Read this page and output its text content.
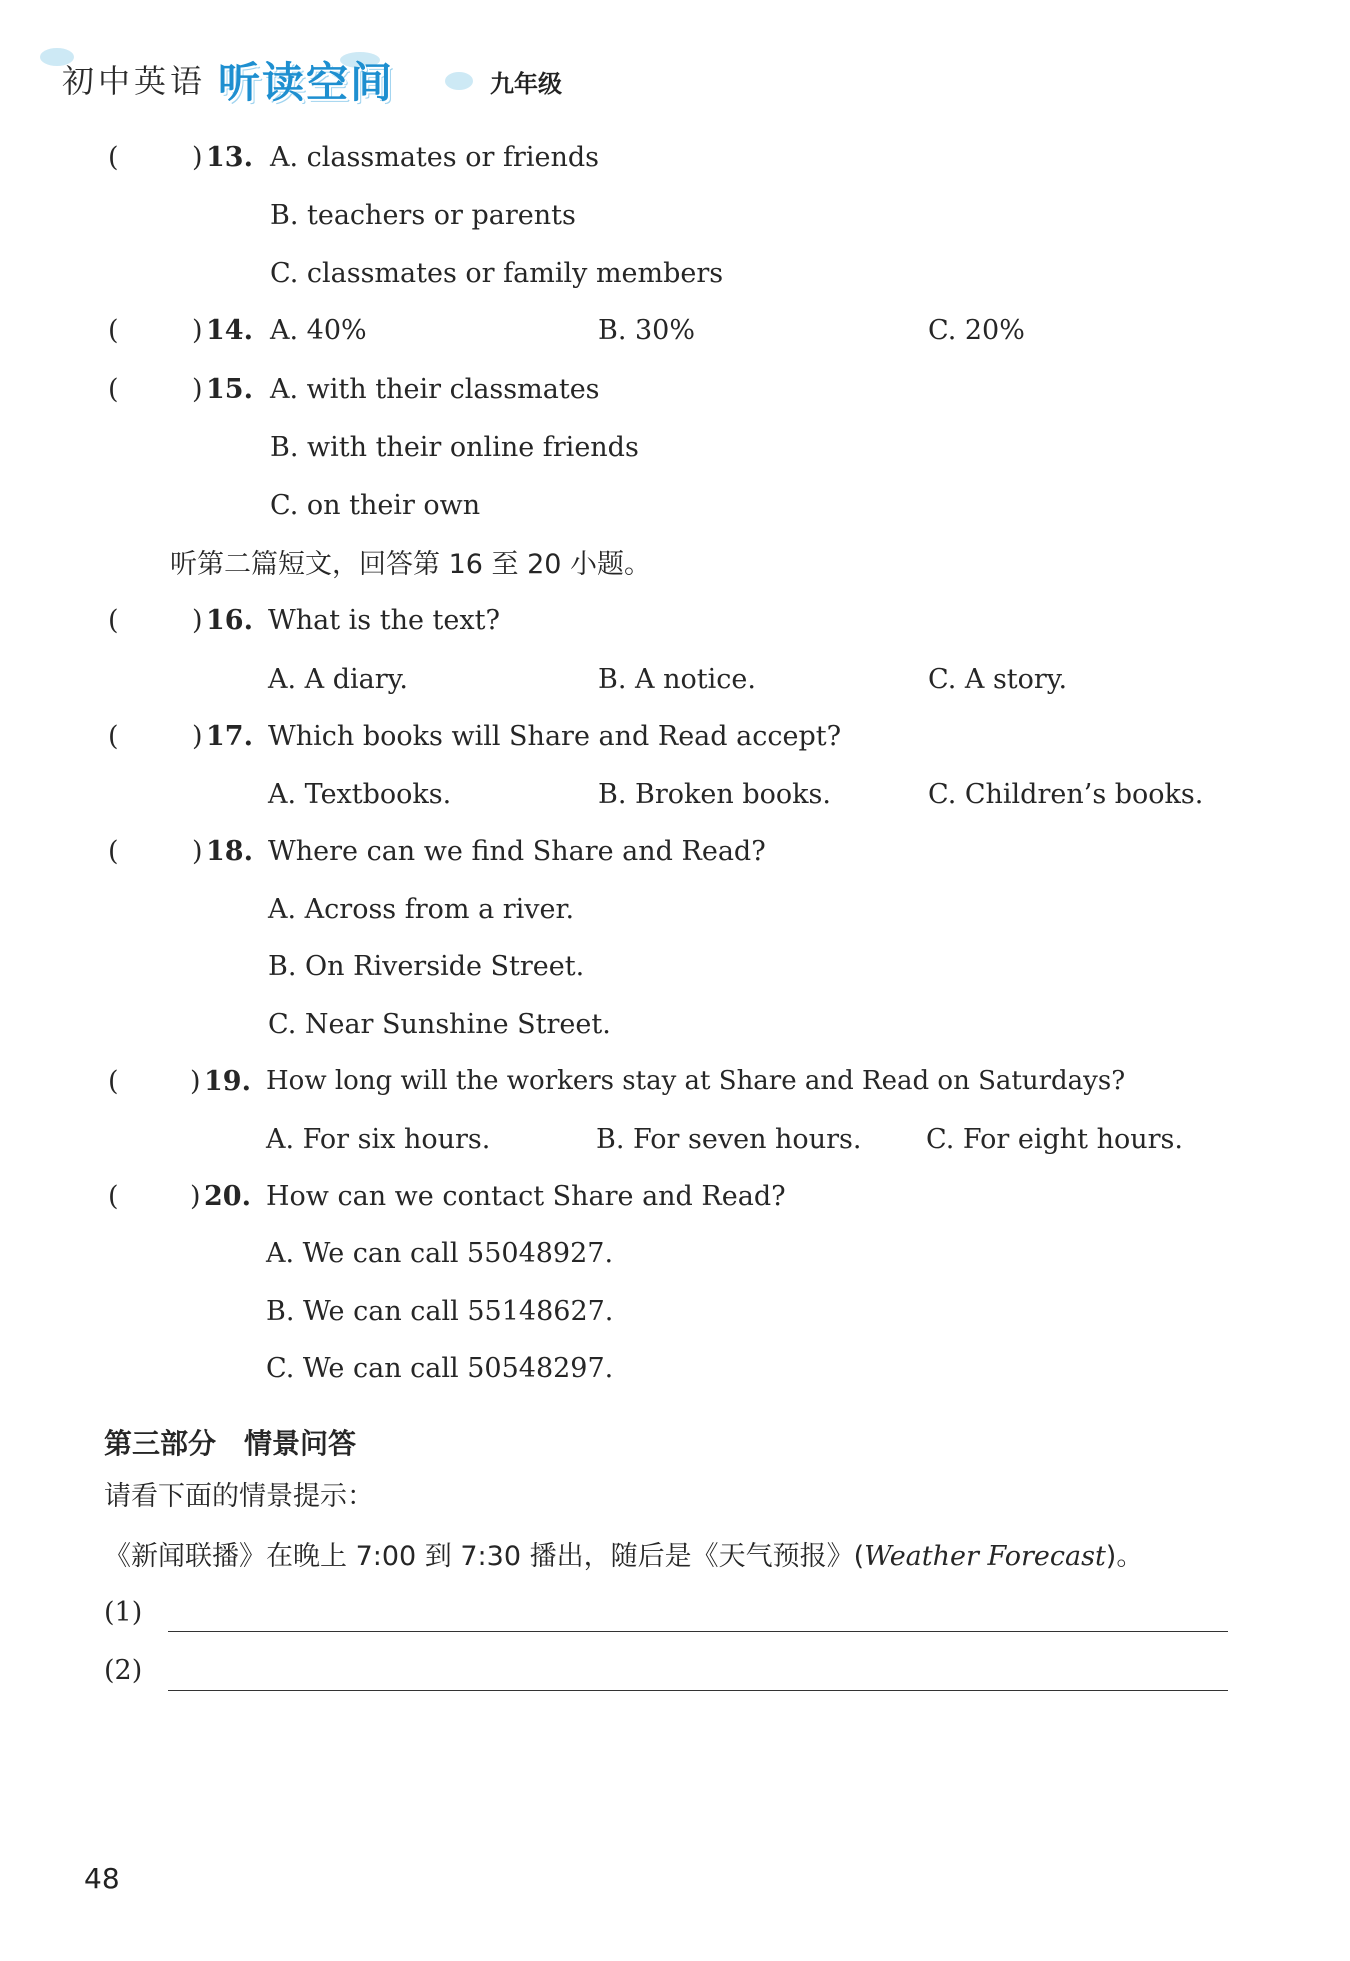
初中英语 听读空间	九年级
(	) 13. A. classmates or friends
B. teachers or parents
C. classmates or family members
(	) 14. A. 40%	B. 30%	C. 20%
(	) 15. A. with their classmates
B. with their online friends
C. on their own
听第二篇短文，回答第 16 至 20 小题。
(	) 16. What is the text?
A. A diary.	B. A notice.	C. A story.
(	) 17. Which books will Share and Read accept?
A. Textbooks.	B. Broken books.	C. Children’s books.
(	) 18. Where can we find Share and Read?
A. Across from a river.
B. On Riverside Street.
C. Near Sunshine Street.
(	) 19. How long will the workers stay at Share and Read on Saturdays?
A. For six hours.	B. For seven hours. C. For eight hours.
(	) 20. How can we contact Share and Read?
A. We can call 55048927.
B. We can call 55148627.
C. We can call 50548297.
第三部分　情景问答
请看下面的情景提示：
《新闻联播》在晚上 7:00 到 7:30 播出，随后是《天气预报》(Weather Forecast)。
(1)
(2)
48
